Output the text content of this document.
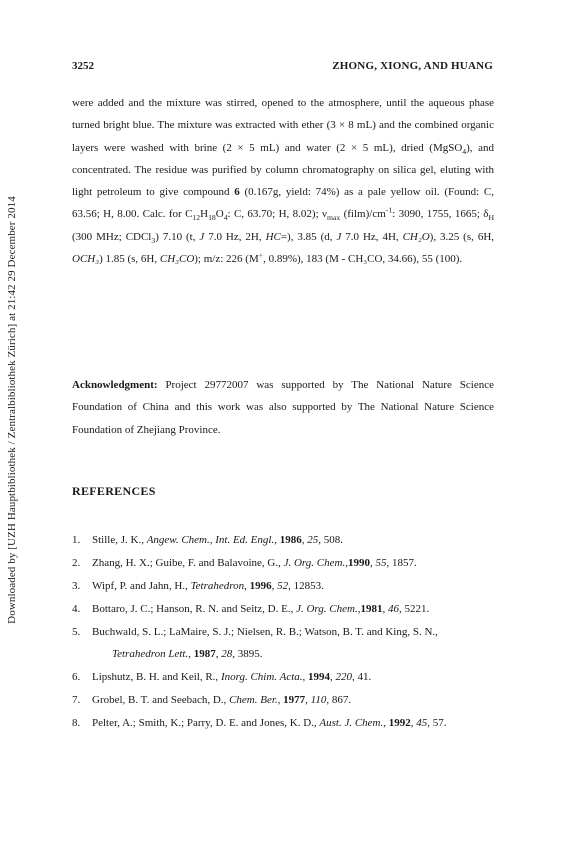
Downloaded by [UZH Hauptbibliothek / Zentralbibliothek Zürich] at 21:42 29 December 2014
3252	ZHONG, XIONG, AND HUANG

were added and the mixture was stirred, opened to the atmosphere, until the aqueous phase turned bright blue. The mixture was extracted with ether (3 × 8 mL) and the combined organic layers were washed with brine (2 × 5 mL) and water (2 × 5 mL), dried (MgSO$_4$), and concentrated. The residue was purified by column chromatography on silica gel, eluting with light petroleum to give compound 6 (0.167g, yield: 74%) as a pale yellow oil. (Found: C, 63.56; H, 8.00. Calc. for $C_{12}H_{18}O_4$: C, 63.70; H, 8.02); $\nu_{max}$ $(film)/cm^{-1}$: 3090, 1755, 1665; $\delta_H$ (300 MHz; CDCl$_3$) 7.10 (t, J 7.0 Hz, 2H, HC=), 3.85 (d, J 7.0 Hz, 4H, CH₂O), 3.25 (s, 6H, OCH₃) 1.85 (s, 6H, CH₃CO); m/z: 226 (M+, 0.89%), 183 (M - CH₃CO, 34.66), 55 (100).

Acknowledgment: Project 29772007 was supported by The National Nature Science Foundation of China and this work was also supported by The National Nature Science Foundation of Zhejiang Province.
REFERENCES
1. Stille, J. K., Angew. Chem., Int. Ed. Engl., 1986, 25, 508.
2. Zhang, H. X.; Guibe, F. and Balavoine, G., J. Org. Chem.,1990, 55, 1857.
3. Wipf, P. and Jahn, H., Tetrahedron, 1996, 52, 12853.
4. Bottaro, J. C.; Hanson, R. N. and Seitz, D. E., J. Org. Chem.,1981, 46, 5221.
5. Buchwald, S. L.; LaMaire, S. J.; Nielsen, R. B.; Watson, B. T. and King, S. N.,
Tetrahedron Lett., 1987, 28, 3895.
6. Lipshutz, B. H. and Keil, R., Inorg. Chim. Acta., 1994, 220, 41.
7. Grobel, B. T. and Seebach, D., Chem. Ber., 1977, 110, 867.
8. Pelter, A.; Smith, K.; Parry, D. E. and Jones, K. D., Aust. J. Chem., 1992, 45, 57.
